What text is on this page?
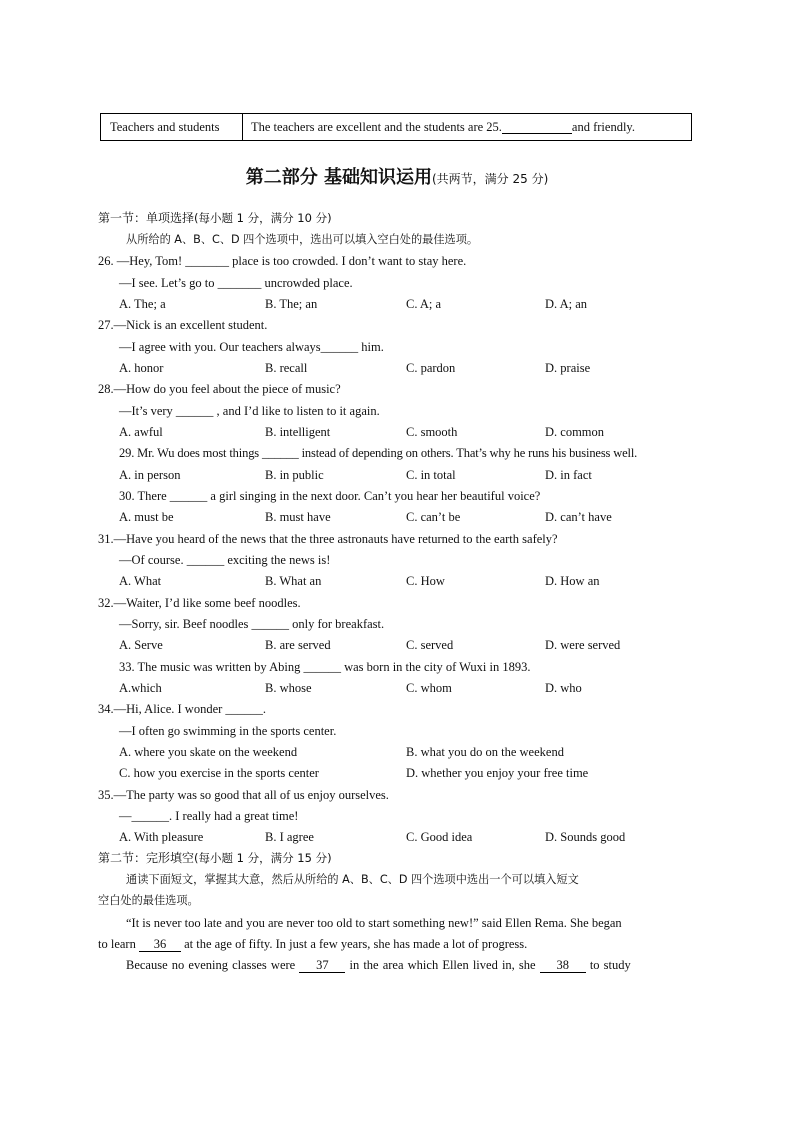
Teachers and students	The teachers are excellent and the students are 25.	and friendly.
第二部分 基础知识运用(共两节，满分 25 分)
第一节：单项选择(每小题 1 分，满分 10 分)
从所给的 A、B、C、D 四个选项中，选出可以填入空白处的最佳选项。
26. —Hey, Tom! _______ place is too crowded. I don’t want to stay here.
—I see. Let’s go to _______ uncrowded place.
A. The; a	B. The; an	C. A; a	D. A; an
27.—Nick is an excellent student.
—I agree with you. Our teachers always______ him.
A. honor	B. recall	C. pardon	D. praise
28.—How do you feel about the piece of music?
—It’s very ______ , and I’d like to listen to it again.
A. awful	B. intelligent	C. smooth	D. common
29. Mr. Wu does most things ______ instead of depending on others. That’s why he runs his business well.
A. in person	B. in public	C. in total	D. in fact
30. There ______ a girl singing in the next door. Can’t you hear her beautiful voice?
A. must be	B. must have	C. can’t be	D. can’t have
31.—Have you heard of the news that the three astronauts have returned to the earth safely?
—Of course. ______ exciting the news is!
A. What	B. What an	C. How	D. How an
32.—Waiter, I’d like some beef noodles.
—Sorry, sir. Beef noodles ______ only for breakfast.
A. Serve	B. are served	C. served	D. were served
33. The music was written by Abing ______ was born in the city of Wuxi in 1893.
A.which	B. whose	C. whom	D. who
34.—Hi, Alice. I wonder ______.
—I often go swimming in the sports center.
A. where you skate on the weekend	B. what you do on the weekend
C. how you exercise in the sports center	D. whether you enjoy your free time
35.—The party was so good that all of us enjoy ourselves.
—______. I really had a great time!
A. With pleasure	B. I agree	C. Good idea	D. Sounds good
第二节：完形填空(每小题 1 分，满分 15 分)
通读下面短文，掌握其大意，然后从所给的 A、B、C、D 四个选项中选出一个可以填入短文
空白处的最佳选项。
“It is never too late and you are never too old to start something new!” said Ellen Rema. She began
to learn 36 at the age of fifty. In just a few years, she has made a lot of progress.
Because no evening classes were 37 in the area which Ellen lived in, she 38 to study
